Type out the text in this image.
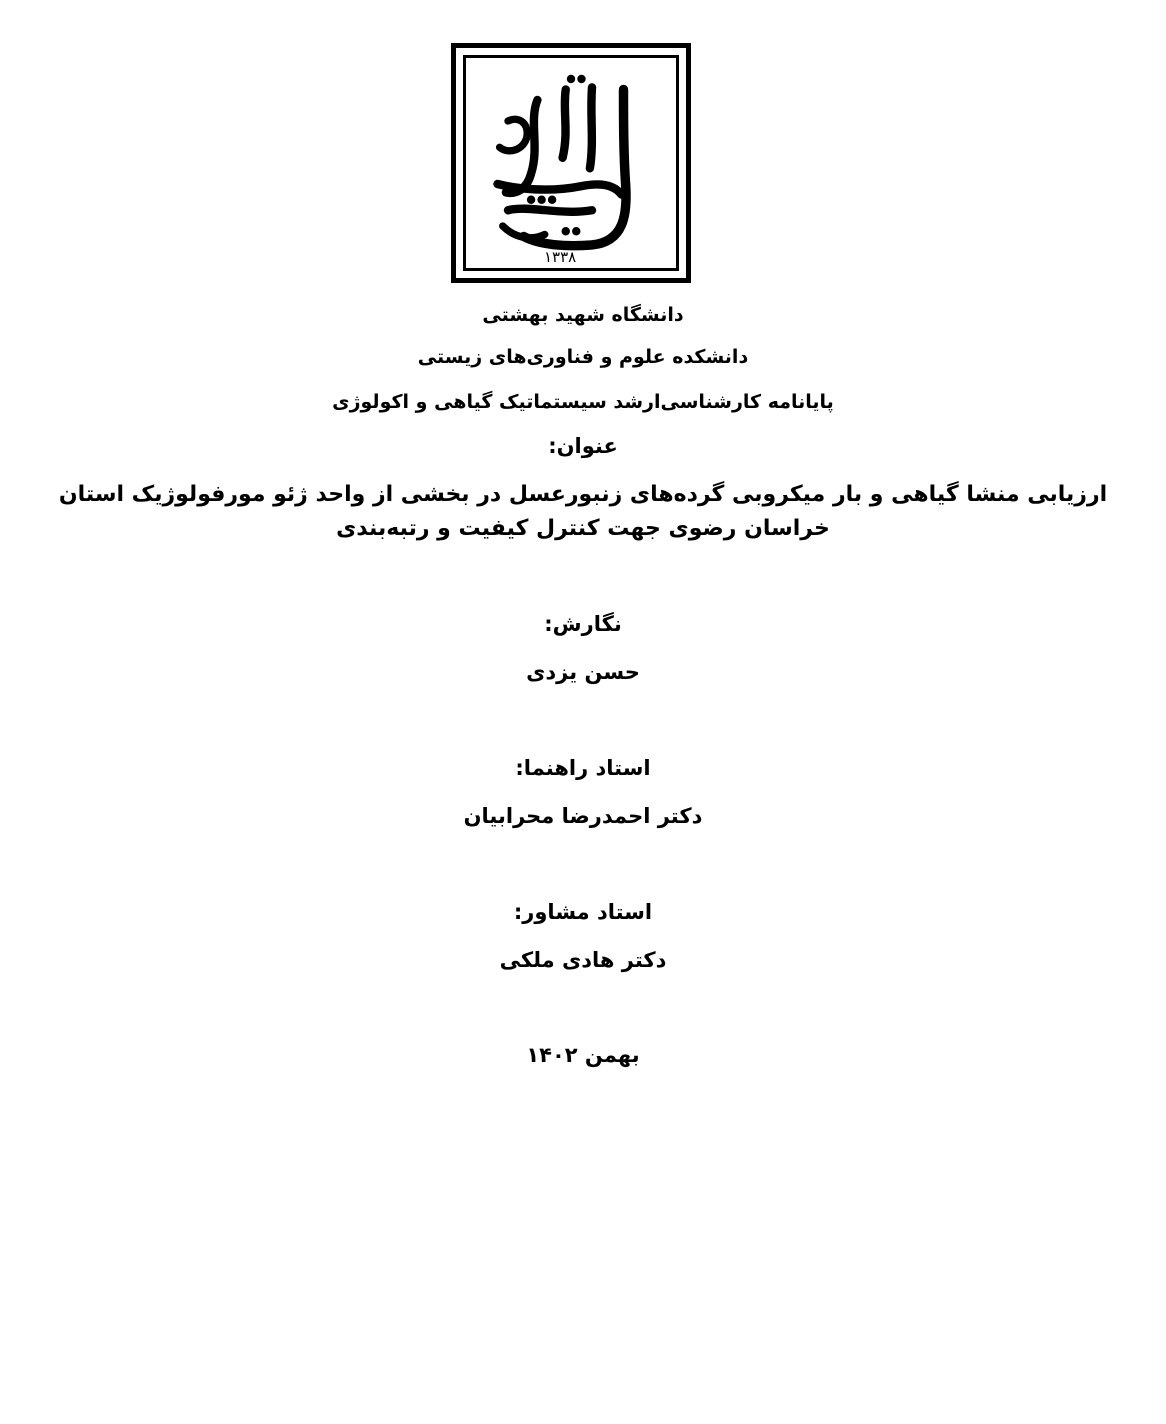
۱۳۳۸
دانشگاه شهید بهشتی
دانشکده علوم و فناوری‌های زیستی
پایانامه کارشناسی‌ارشد سیستماتیک گیاهی و اکولوژی
عنوان:
ارزیابی منشا گیاهی و بار میکروبی گرده‌های زنبورعسل در بخشی از واحد ژئو مورفولوژیک استان خراسان رضوی جهت کنترل کیفیت و رتبه‌بندی
نگارش:
حسن یزدی
استاد راهنما:
دکتر احمدرضا محرابیان
استاد مشاور:
دکتر هادی ملکی
بهمن ۱۴۰۲
